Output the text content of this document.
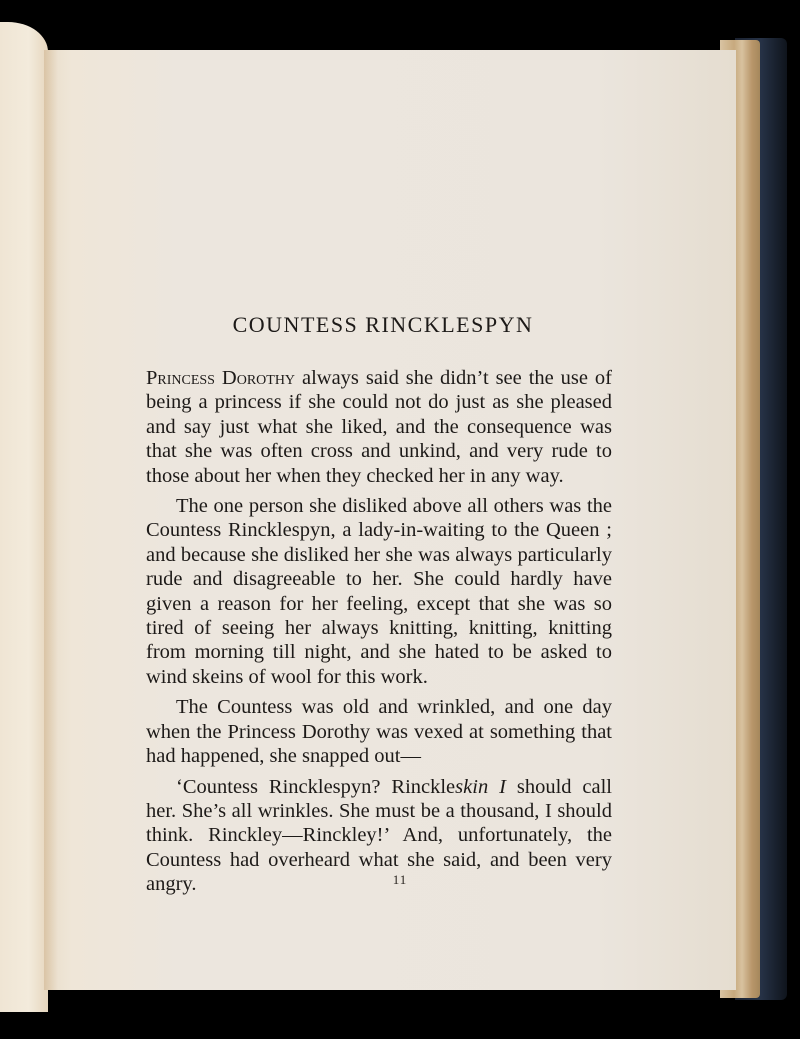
COUNTESS RINCKLESPYN

Princess Dorothy always said she didn’t see the use of being a princess if she could not do just as she pleased and say just what she liked, and the consequence was that she was often cross and unkind, and very rude to those about her when they checked her in any way.

The one person she disliked above all others was the Countess Rincklespyn, a lady-in-waiting to the Queen ; and because she disliked her she was always particularly rude and disagreeable to her. She could hardly have given a reason for her feeling, except that she was so tired of seeing her always knitting, knitting, knitting from morning till night, and she hated to be asked to wind skeins of wool for this work.

The Countess was old and wrinkled, and one day when the Princess Dorothy was vexed at something that had happened, she snapped out—

‘Countess Rincklespyn? Rinckleskin I should call her. She’s all wrinkles. She must be a thousand, I should think. Rinckley—Rinckley!’ And, unfortunately, the Countess had overheard what she said, and been very angry.	11
